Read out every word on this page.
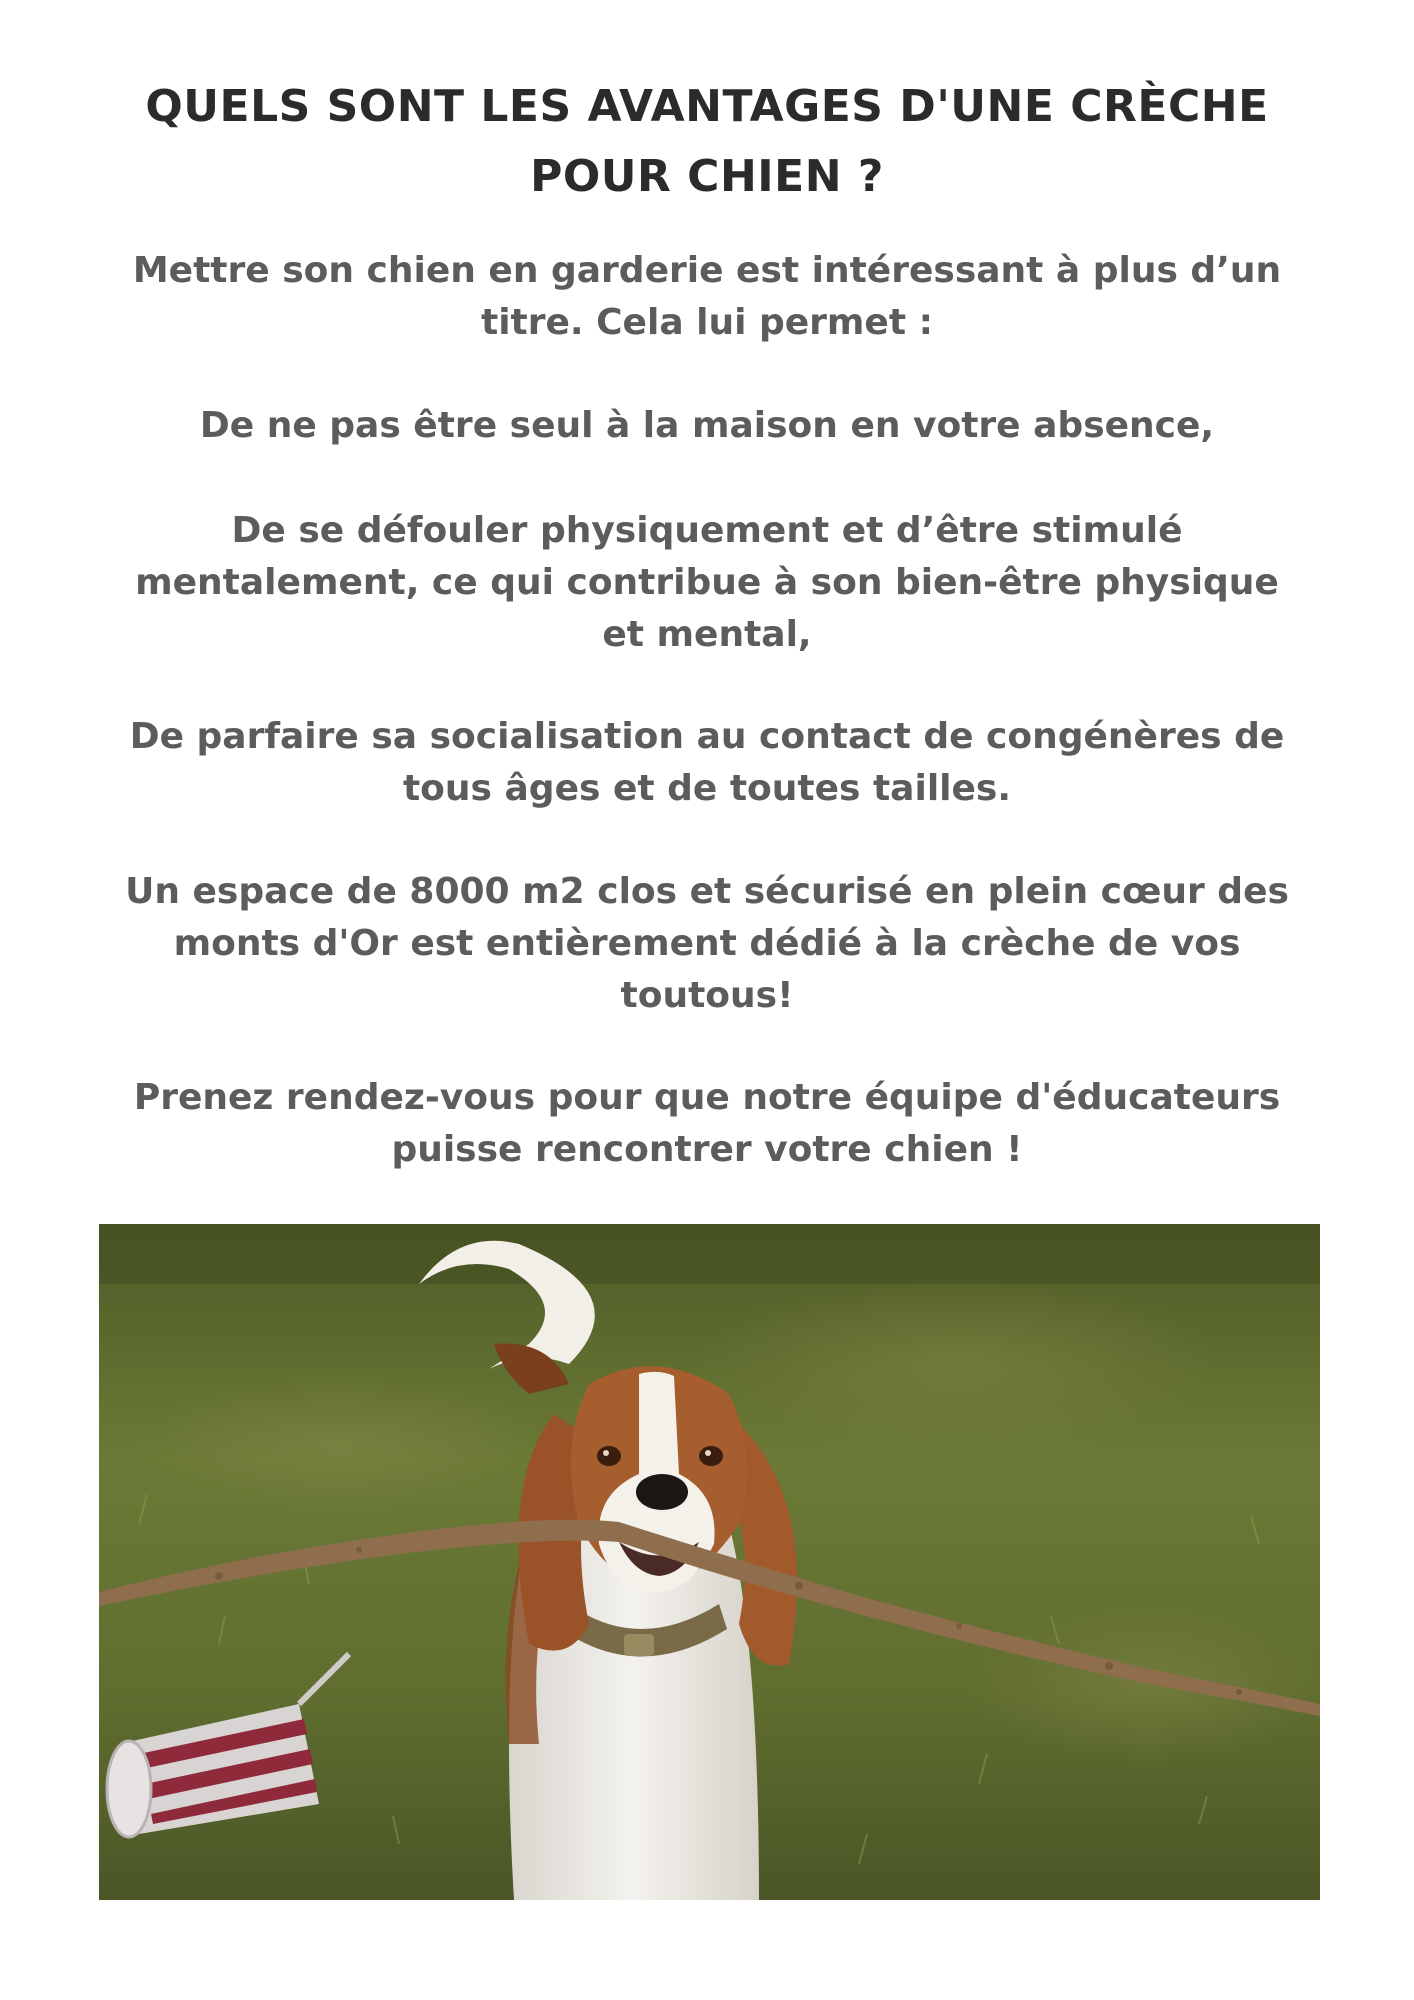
QUELS SONT LES AVANTAGES D'UNE CRÈCHE POUR CHIEN ?

Mettre son chien en garderie est intéressant à plus d’un titre. Cela lui permet :

De ne pas être seul à la maison en votre absence,

De se défouler physiquement et d’être stimulé mentalement, ce qui contribue à son bien-être physique et mental,

De parfaire sa socialisation au contact de congénères de tous âges et de toutes tailles.

Un espace de 8000 m2 clos et sécurisé en plein cœur des monts d'Or est entièrement dédié à la crèche de vos toutous!

Prenez rendez-vous pour que notre équipe d'éducateurs puisse rencontrer votre chien !
